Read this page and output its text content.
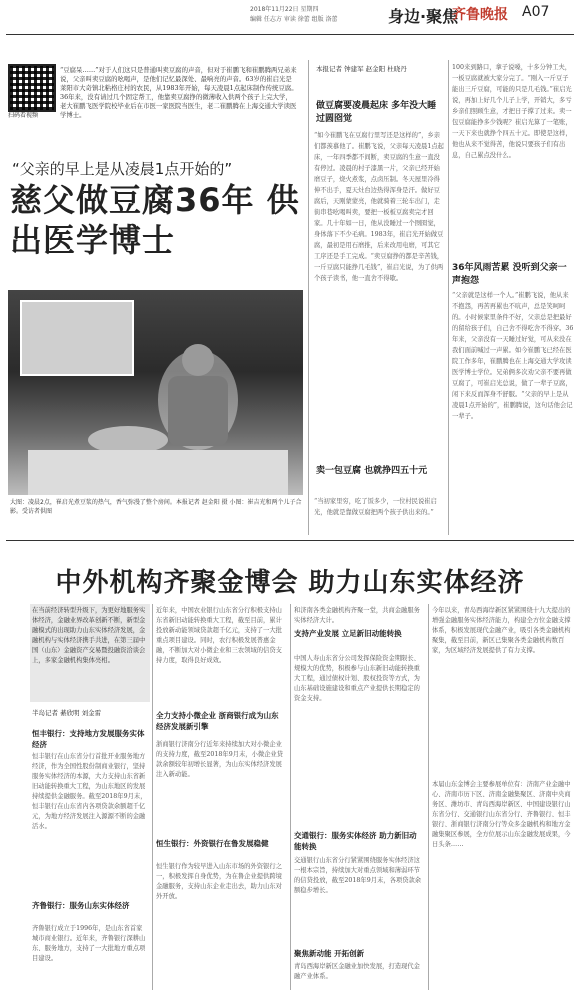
2018年11月22日 星期四
编辑 任志方 审读 徐蕾 组版 洛蕾	身边·聚焦
齐鲁晚报 A07
扫码看视频
“豆腐呆……”对于人们这只是普通叫卖豆腐的声音，但对于崔鹏飞和崔鹏腾两兄弟来说，父亲叫卖豆腐的吆喝声，是他们记忆最深处、最响亮的声音。63岁的崔启光是莱阳市大奇镇北粘格庄村的农民，从1983年开始，每天凌晨1点起床制作传统豆腐。36年来，没有请过几个固定帮工，他靠卖豆腐挣的微薄收入供两个孩子上完大学，老大崔鹏飞医学院校毕业后在市医一家医院当医生，老二崔鹏腾在上海交通大学读医学博士。
“父亲的早上是从凌晨1点开始的”
慈父做豆腐36年 供出医学博士
大图：凌晨2点，崔启光煮豆浆的热气，香气弥漫了整个房间。本报记者 赵金阳 摄 小图：崔吉光和两个儿子合影。受访者供图
本报记者 钟建军 赵金阳 杜晓丹
做豆腐要凌晨起床 多年没大睡过圆囵觉
“如今崔鹏飞在豆腐行里写还是这样的”，乡亲们都羡慕他了。崔鹏飞说，父亲每天凌晨1点起床，一年四季都不间断，卖豆腐的生意一直没有停过。凌晨的村子漆黑一片，父亲已经开始磨豆子，烧火煮浆，点卤压制。冬天屋里冷得伸不出手，夏天灶台边热得浑身是汗。做好豆腐后，天刚蒙蒙亮，他就骑着三轮车出门，走街串巷吆喝叫卖，要把一板板豆腐卖完才回家。几十年如一日，他从没睡过一个囫囵觉，身体落下不少毛病。1983年，崔启光开始做豆腐，最初是用石磨推，后来改用电磨，可其它工序还是手工完成。“卖豆腐挣的都是辛苦钱，一斤豆腐只能挣几毛钱”，崔启光说，为了供两个孩子读书，他一直舍不得歇。
卖一包豆腐 也就挣四五十元
“当初家里穷，吃了饭多少，一位村民说崔启光，他就是靠做豆腐把两个孩子供出来的。”
100来到路口，拿子说嗓，十多分钟工夫，一板豆腐就被大家分完了。“刚入一斤豆子能出三斤豆腐，可能的只是几毛钱。”崔启光说，再加上好几个儿子上学，开销大，多亏乡亲们照顾生意，才把日子撑了过来。卖一包豆腐能挣多少钱呢？崔启光算了一笔账，一天下来也就挣个四五十元。即使是这样，他也从来不觉得苦，他说只要孩子们有出息，自己累点没什么。
36年风雨苦累 没听到父亲一声抱怨
“父亲就是这样一个人。”崔鹏飞说，他从来不抱怨，再苦再累也不吭声，总是笑呵呵的。小时候家里条件不好，父亲总是把最好的留给孩子们，自己舍不得吃舍不得穿。36年来，父亲没有一天睡过好觉，可从来没在我们面前喊过一声累。如今崔鹏飞已经在医院工作多年，崔鹏腾也在上海交通大学攻读医学博士学位。兄弟俩多次劝父亲不要再做豆腐了，可崔启光总说，做了一辈子豆腐，闲下来反而浑身不舒服。“父亲的早上是从凌晨1点开始的”，崔鹏腾说，这句话他会记一辈子。
中外机构齐聚金博会 助力山东实体经济
在当前经济转型升级下，为更好地服务实体经济，金融业界改革创新不断，新型金融模式的出现助力山东实体经济发展，金融机构与实体经济携手共进，在第三届中国（山东）金融资产交易暨投融资洽谈会上，多家金融机构集体亮相。
半岛记者 綦欣明 刘金雷
恒丰银行：支持地方发展服务实体经济
恒丰银行在山东省分行首批开业服务地方经济，作为全国性股份制商业银行，坚持服务实体经济的本源，大力支持山东省新旧动能转换重大工程，为山东地区的发展持续提供金融服务。截至2018年9月末，恒丰银行在山东省内各项贷款余额超千亿元，为地方经济发展注入源源不断的金融活水。
齐鲁银行：服务山东实体经济
齐鲁银行成立于1996年，是山东省首家城市商业银行。近年来，齐鲁银行深耕山东、服务地方，支持了一大批地方重点项目建设。
近年来，中国农业银行山东省分行积极支持山东省新旧动能转换重大工程，截至目前，累计投放新动能领域贷款超千亿元，支持了一大批重点项目建设。同时，农行积极发展普惠金融，不断加大对小微企业和三农领域的信贷支持力度，取得良好成效。
全力支持小微企业 浙商银行成为山东经济发展新引擎
浙商银行济南分行近年来持续加大对小微企业的支持力度，截至2018年9月末，小微企业贷款余额较年初增长显著，为山东实体经济发展注入新动能。
恒生银行：外资银行在鲁发展稳健
恒生银行作为较早进入山东市场的外资银行之一，积极发挥自身优势，为在鲁企业提供跨境金融服务，支持山东企业走出去，助力山东对外开放。
和济南各类金融机构齐聚一堂，共商金融服务实体经济大计。
支持产业发展 立足新旧动能转换
中国人寿山东省分公司发挥保险资金期限长、规模大的优势，积极参与山东新旧动能转换重大工程，通过债权计划、股权投资等方式，为山东基础设施建设和重点产业提供长期稳定的资金支持。
交通银行：服务实体经济 助力新旧动能转换
交通银行山东省分行紧紧围绕服务实体经济这一根本宗旨，持续加大对重点领域和薄弱环节的信贷投放，截至2018年9月末，各项贷款余额稳步增长。
聚焦新动能 开拓创新
青岛西海岸新区金融业加快发展，打造现代金融产业体系。
今年以来，青岛西海岸新区紧紧围绕十九大提出的增强金融服务实体经济能力，构建全方位金融支撑体系，积极发展现代金融产业，吸引各类金融机构聚集，截至目前，新区已集聚各类金融机构数百家，为区域经济发展提供了有力支撑。
本届山东金博会主要参展单位有：济南产业金融中心、济南市历下区、济南金融集聚区、济南中央商务区、潍坊市、青岛西海岸新区、中国建设银行山东省分行、交通银行山东省分行、齐鲁银行、恒丰银行、浙商银行济南分行等众多金融机构和地方金融集聚区参展，全方位展示山东金融发展成果，今日头条……
